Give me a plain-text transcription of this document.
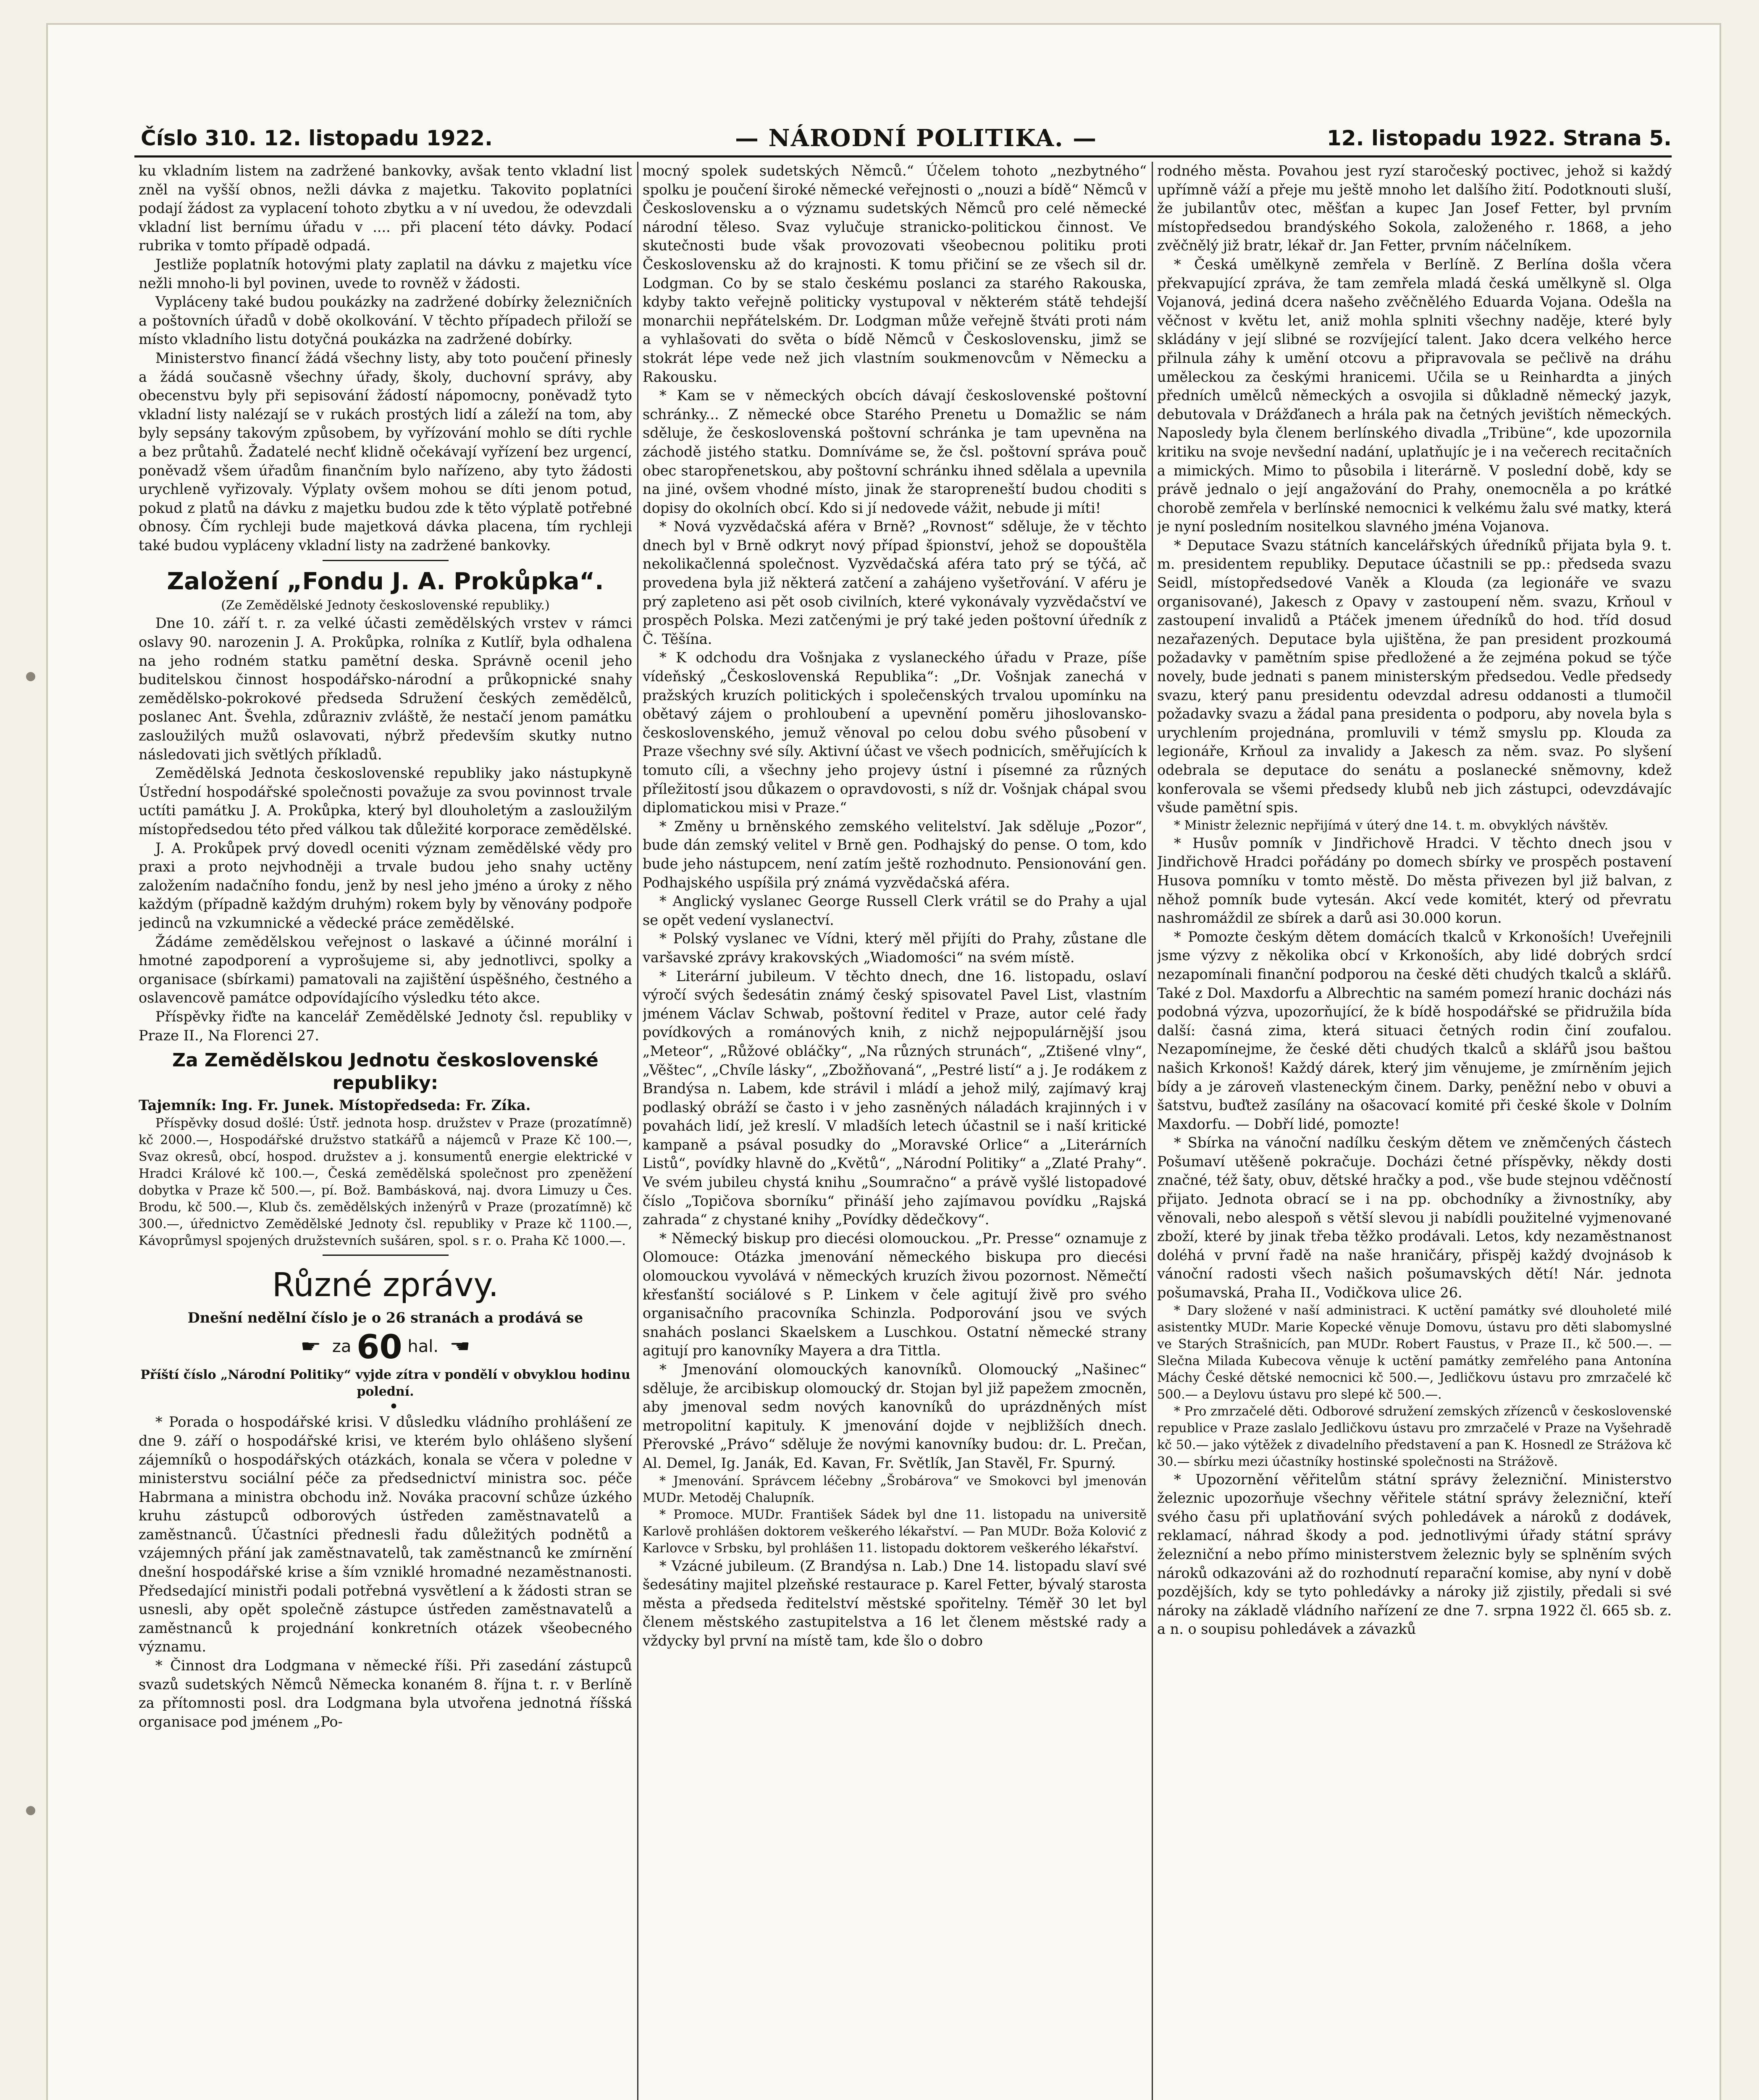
Číslo 310. 12. listopadu 1922.	— NÁRODNÍ POLITIKA. —	12. listopadu 1922. Strana 5.

ku vkladním listem na zadržené bankovky, avšak tento vkladní list zněl na vyšší obnos, nežli dávka z majetku. Takovito poplatníci podají žádost za vyplacení tohoto zbytku a v ní uvedou, že odevzdali vkladní list bernímu úřadu v .... při placení této dávky. Podací rubrika v tomto případě odpadá.

Jestliže poplatník hotovými platy zaplatil na dávku z majetku více nežli mnoho-li byl povinen, uvede to rovněž v žádosti.

Vypláceny také budou poukázky na zadržené dobírky železničních a poštovních úřadů v době okolkování. V těchto případech přiloží se místo vkladního listu dotyčná poukázka na zadržené dobírky.

Ministerstvo financí žádá všechny listy, aby toto poučení přinesly a žádá současně všechny úřady, školy, duchovní správy, aby obecenstvu byly při sepisování žádostí nápomocny, poněvadž tyto vkladní listy nalézají se v rukách prostých lidí a záleží na tom, aby byly sepsány takovým způsobem, by vyřízování mohlo se díti rychle a bez průtahů. Žadatelé nechť klidně očekávají vyřízení bez urgencí, poněvadž všem úřadům finančním bylo nařízeno, aby tyto žádosti urychleně vyřizovaly. Výplaty ovšem mohou se díti jenom potud, pokud z platů na dávku z majetku budou zde k těto výplatě potřebné obnosy. Čím rychleji bude majetková dávka placena, tím rychleji také budou vypláceny vkladní listy na zadržené bankovky.

Založení „Fondu J. A. Prokůpka“.

(Ze Zemědělské Jednoty československé republiky.)

Dne 10. září t. r. za velké účasti zemědělských vrstev v rámci oslavy 90. narozenin J. A. Prokůpka, rolníka z Kutlíř, byla odhalena na jeho rodném statku pamětní deska. Správně ocenil jeho buditelskou činnost hospodářsko-národní a průkopnické snahy zemědělsko-pokrokové předseda Sdružení českých zemědělců, poslanec Ant. Švehla, zdůrazniv zvláště, že nestačí jenom památku zasloužilých mužů oslavovati, nýbrž především skutky nutno následovati jich světlých příkladů.

Zemědělská Jednota československé republiky jako nástupkyně Ústřední hospodářské společnosti považuje za svou povinnost trvale uctíti památku J. A. Prokůpka, který byl dlouholetým a zasloužilým místopředsedou této před válkou tak důležité korporace zemědělské.

J. A. Prokůpek prvý dovedl oceniti význam zemědělské vědy pro praxi a proto nejvhodněji a trvale budou jeho snahy uctěny založením nadačního fondu, jenž by nesl jeho jméno a úroky z něho každým (případně každým druhým) rokem byly by věnovány podpoře jedinců na vzkumnické a vědecké práce zemědělské.

Žádáme zemědělskou veřejnost o laskavé a účinné morální i hmotné zapodporení a vyprošujeme si, aby jednotlivci, spolky a organisace (sbírkami) pamatovali na zajištění úspěšného, čestného a oslavencově památce odpovídajícího výsledku této akce.

Příspěvky řiďte na kancelář Zemědělské Jednoty čsl. republiky v Praze II., Na Florenci 27.

Za Zemědělskou Jednotu československé republiky:

Tajemník: Ing. Fr. Junek. Místopředseda: Fr. Zíka.

Příspěvky dosud došlé: Ústř. jednota hosp. družstev v Praze (prozatímně) kč 2000.—, Hospodářské družstvo statkářů a nájemců v Praze Kč 100.—, Svaz okresů, obcí, hospod. družstev a j. konsumentů energie elektrické v Hradci Králové kč 100.—, Česká zemědělská společnost pro zpeněžení dobytka v Praze kč 500.—, pí. Bož. Bambásková, naj. dvora Limuzy u Čes. Brodu, kč 500.—, Klub čs. zemědělských inženýrů v Praze (prozatímně) kč 300.—, úřednictvo Zemědělské Jednoty čsl. republiky v Praze kč 1100.—, Kávoprůmysl spojených družstevních sušáren, spol. s r. o. Praha Kč 1000.—.

Různé zprávy.

Dnešní nedělní číslo je o 26 stranách a prodává se

☛ za 60 hal. ☚

Příští číslo „Národní Politiky“ vyjde zítra v pondělí v obvyklou hodinu polední.

•

* Porada o hospodářské krisi. V důsledku vládního prohlášení ze dne 9. září o hospodářské krisi, ve kterém bylo ohlášeno slyšení zájemníků o hospodářských otázkách, konala se včera v poledne v ministerstvu sociální péče za předsednictví ministra soc. péče Habrmana a ministra obchodu inž. Nováka pracovní schůze úzkého kruhu zástupců odborových ústředen zaměstnavatelů a zaměstnanců. Účastníci přednesli řadu důležitých podnětů a vzájemných přání jak zaměstnavatelů, tak zaměstnanců ke zmírnění dnešní hospodářské krise a ším vzniklé hromadné nezaměstnanosti. Předsedající ministři podali potřebná vysvětlení a k žádosti stran se usnesli, aby opět společně zástupce ústředen zaměstnavatelů a zaměstnanců k projednání konkretních otázek všeobecného významu.

* Činnost dra Lodgmana v německé říši. Při zasedání zástupců svazů sudetských Němců Německa konaném 8. října t. r. v Berlíně za přítomnosti posl. dra Lodgmana byla utvořena jednotná říšská organisace pod jménem „Po-

mocný spolek sudetských Němců.“ Účelem tohoto „nezbytného“ spolku je poučení široké německé veřejnosti o „nouzi a bídě“ Němců v Československu a o významu sudetských Němců pro celé německé národní těleso. Svaz vylučuje stranicko-politickou činnost. Ve skutečnosti bude však provozovati všeobecnou politiku proti Československu až do krajnosti. K tomu přičiní se ze všech sil dr. Lodgman. Co by se stalo českému poslanci za starého Rakouska, kdyby takto veřejně politicky vystupoval v některém státě tehdejší monarchii nepřátelském. Dr. Lodgman může veřejně štváti proti nám a vyhlašovati do světa o bídě Němců v Československu, jimž se stokrát lépe vede než jich vlastním soukmenovcům v Německu a Rakousku.

* Kam se v německých obcích dávají československé poštovní schránky... Z německé obce Starého Prenetu u Domažlic se nám sděluje, že československá poštovní schránka je tam upevněna na záchodě jistého statku. Domníváme se, že čsl. poštovní správa pouč obec staropřenetskou, aby poštovní schránku ihned sdělala a upevnila na jiné, ovšem vhodné místo, jinak že staropreneští budou choditi s dopisy do okolních obcí. Kdo si jí nedovede vážit, nebude ji míti!

* Nová vyzvědačská aféra v Brně? „Rovnost“ sděluje, že v těchto dnech byl v Brně odkryt nový případ špionství, jehož se dopouštěla nekolikačlenná společnost. Vyzvědačská aféra tato prý se týčá, ač provedena byla již některá zatčení a zahájeno vyšetřování. V aféru je prý zapleteno asi pět osob civilních, které vykonávaly vyzvědačství ve prospěch Polska. Mezi zatčenými je prý také jeden poštovní úředník z Č. Těšína.

* K odchodu dra Vošnjaka z vyslaneckého úřadu v Praze, píše vídeňský „Československá Republika“: „Dr. Vošnjak zanechá v pražských kruzích politických i společenských trvalou upomínku na obětavý zájem o prohloubení a upevnění poměru jihoslovansko-československého, jemuž věnoval po celou dobu svého působení v Praze všechny své síly. Aktivní účast ve všech podnicích, směřujících k tomuto cíli, a všechny jeho projevy ústní i písemné za různých příležitostí jsou důkazem o opravdovosti, s níž dr. Vošnjak chápal svou diplomatickou misi v Praze.“

* Změny u brněnského zemského velitelství. Jak sděluje „Pozor“, bude dán zemský velitel v Brně gen. Podhajský do pense. O tom, kdo bude jeho nástupcem, není zatím ještě rozhodnuto. Pensionování gen. Podhajského uspíšila prý známá vyzvědačská aféra.

* Anglický vyslanec George Russell Clerk vrátil se do Prahy a ujal se opět vedení vyslanectví.

* Polský vyslanec ve Vídni, který měl přijíti do Prahy, zůstane dle varšavské zprávy krakovských „Wiadomości“ na svém místě.

* Literární jubileum. V těchto dnech, dne 16. listopadu, oslaví výročí svých šedesátin známý český spisovatel Pavel List, vlastním jménem Václav Schwab, poštovní ředitel v Praze, autor celé řady povídkových a románových knih, z nichž nejpopulárnější jsou „Meteor“, „Růžové obláčky“, „Na různých strunách“, „Ztišené vlny“, „Věštec“, „Chvíle lásky“, „Zbožňovaná“, „Pestré listí“ a j. Je rodákem z Brandýsa n. Labem, kde strávil i mládí a jehož milý, zajímavý kraj podlaský obráží se často i v jeho zasněných náladách krajinných i v povahách lidí, jež kreslí. V mladších letech účastnil se i naší kritické kampaně a psával posudky do „Moravské Orlice“ a „Literárních Listů“, povídky hlavně do „Květů“, „Národní Politiky“ a „Zlaté Prahy“. Ve svém jubileu chystá knihu „Soumračno“ a právě vyšlé listopadové číslo „Topičova sborníku“ přináší jeho zajímavou povídku „Rajská zahrada“ z chystané knihy „Povídky dědečkovy“.

* Německý biskup pro diecési olomouckou. „Pr. Presse“ oznamuje z Olomouce: Otázka jmenování německého biskupa pro diecési olomouckou vyvolává v německých kruzích živou pozornost. Němečtí křesťanští sociálové s P. Linkem v čele agitují živě pro svého organisačního pracovníka Schinzla. Podporování jsou ve svých snahách poslanci Skaelskem a Luschkou. Ostatní německé strany agitují pro kanovníky Mayera a dra Tittla.

* Jmenování olomouckých kanovníků. Olomoucký „Našinec“ sděluje, že arcibiskup olomoucký dr. Stojan byl již papežem zmocněn, aby jmenoval sedm nových kanovníků do uprázdněných míst metropolitní kapituly. K jmenování dojde v nejbližších dnech. Přerovské „Právo“ sděluje že novými kanovníky budou: dr. L. Prečan, Al. Demel, Ig. Janák, Ed. Kavan, Fr. Světlík, Jan Stavěl, Fr. Spurný.

* Jmenování. Správcem léčebny „Šrobárova“ ve Smokovci byl jmenován MUDr. Metoděj Chalupník.

* Promoce. MUDr. František Sádek byl dne 11. listopadu na universitě Karlově prohlášen doktorem veškerého lékařství. — Pan MUDr. Boža Kolović z Karlovce v Srbsku, byl prohlášen 11. listopadu doktorem veškerého lékařství.

* Vzácné jubileum. (Z Brandýsa n. Lab.) Dne 14. listopadu slaví své šedesátiny majitel plzeňské restaurace p. Karel Fetter, bývalý starosta města a předseda ředitelství městské spořitelny. Téměř 30 let byl členem městského zastupitelstva a 16 let členem městské rady a vždycky byl první na místě tam, kde šlo o dobro

rodného města. Povahou jest ryzí staročeský poctivec, jehož si každý upřímně váží a přeje mu ještě mnoho let dalšího žití. Podotknouti sluší, že jubilantův otec, měšťan a kupec Jan Josef Fetter, byl prvním místopředsedou brandýského Sokola, založeného r. 1868, a jeho zvěčnělý již bratr, lékař dr. Jan Fetter, prvním náčelníkem.

* Česká umělkyně zemřela v Berlíně. Z Berlína došla včera překvapující zpráva, že tam zemřela mladá česká umělkyně sl. Olga Vojanová, jediná dcera našeho zvěčnělého Eduarda Vojana. Odešla na věčnost v květu let, aniž mohla splniti všechny naděje, které byly skládány v její slibné se rozvíjející talent. Jako dcera velkého herce přilnula záhy k umění otcovu a připravovala se pečlivě na dráhu uměleckou za českými hranicemi. Učila se u Reinhardta a jiných předních umělců německých a osvojila si důkladně německý jazyk, debutovala v Drážďanech a hrála pak na četných jevištích německých. Naposledy byla členem berlínského divadla „Tribüne“, kde upozornila kritiku na svoje nevšední nadání, uplatňujíc je i na večerech recitačních a mimických. Mimo to působila i literárně. V poslední době, kdy se právě jednalo o její angažování do Prahy, onemocněla a po krátké chorobě zemřela v berlínské nemocnici k velkému žalu své matky, která je nyní posledním nositelkou slavného jména Vojanova.

* Deputace Svazu státních kancelářských úředníků přijata byla 9. t. m. presidentem republiky. Deputace účastnili se pp.: předseda svazu Seidl, místopředsedové Vaněk a Klouda (za legionáře ve svazu organisované), Jakesch z Opavy v zastoupení něm. svazu, Krňoul v zastoupení invalidů a Ptáček jmenem úředníků do hod. tříd dosud nezařazených. Deputace byla ujištěna, že pan president prozkoumá požadavky v pamětním spise předložené a že zejména pokud se týče novely, bude jednati s panem ministerským předsedou. Vedle předsedy svazu, který panu presidentu odevzdal adresu oddanosti a tlumočil požadavky svazu a žádal pana presidenta o podporu, aby novela byla s urychlením projednána, promluvili v témž smyslu pp. Klouda za legionáře, Krňoul za invalidy a Jakesch za něm. svaz. Po slyšení odebrala se deputace do senátu a poslanecké sněmovny, kdež konferovala se všemi předsedy klubů neb jich zástupci, odevzdávajíc všude pamětní spis.

* Ministr železnic nepřijímá v úterý dne 14. t. m. obvyklých návštěv.

* Husův pomník v Jindřichově Hradci. V těchto dnech jsou v Jindřichově Hradci pořádány po domech sbírky ve prospěch postavení Husova pomníku v tomto městě. Do města přivezen byl již balvan, z něhož pomník bude vytesán. Akcí vede komitét, který od převratu nashromáždil ze sbírek a darů asi 30.000 korun.

* Pomozte českým dětem domácích tkalců v Krkonoších! Uveřejnili jsme výzvy z několika obcí v Krkonoších, aby lidé dobrých srdcí nezapomínali finanční podporou na české děti chudých tkalců a sklářů. Také z Dol. Maxdorfu a Albrechtic na samém pomezí hranic docházi nás podobná výzva, upozorňující, že k bídě hospodářské se přidružila bída další: časná zima, která situaci četných rodin činí zoufalou. Nezapomínejme, že české děti chudých tkalců a sklářů jsou baštou našich Krkonoš! Každý dárek, který jim věnujeme, je zmírněním jejich bídy a je zároveň vlasteneckým činem. Darky, peněžní nebo v obuvi a šatstvu, buďtež zasílány na ošacovací komité při české škole v Dolním Maxdorfu. — Dobří lidé, pomozte!

* Sbírka na vánoční nadílku českým dětem ve zněmčených částech Pošumaví utěšeně pokračuje. Docházi četné příspěvky, někdy dosti značné, též šaty, obuv, dětské hračky a pod., vše bude stejnou vděčností přijato. Jednota obrací se i na pp. obchodníky a živnostníky, aby věnovali, nebo alespoň s větší slevou ji nabídli použitelné vyjmenované zboží, které by jinak třeba těžko prodávali. Letos, kdy nezaměstnanost doléhá v první řadě na naše hraničáry, přispěj každý dvojnásob k vánoční radosti všech našich pošumavských dětí! Nár. jednota pošumavská, Praha II., Vodičkova ulice 26.

* Dary složené v naší administraci. K uctění památky své dlouholeté milé asistentky MUDr. Marie Kopecké věnuje Domovu, ústavu pro děti slabomyslné ve Starých Strašnicích, pan MUDr. Robert Faustus, v Praze II., kč 500.—. — Slečna Milada Kubecova věnuje k uctění památky zemřelého pana Antonína Máchy České dětské nemocnici kč 500.—, Jedličkovu ústavu pro zmrzačelé kč 500.— a Deylovu ústavu pro slepé kč 500.—.

* Pro zmrzačelé děti. Odborové sdružení zemských zřízenců v československé republice v Praze zaslalo Jedličkovu ústavu pro zmrzačelé v Praze na Vyšehradě kč 50.— jako výtěžek z divadelního představení a pan K. Hosnedl ze Strážova kč 30.— sbírku mezi účastníky hostinské společnosti na Strážově.

* Upozornění věřitelům státní správy železniční. Ministerstvo železnic upozorňuje všechny věřitele státní správy železniční, kteří svého času při uplatňování svých pohledávek a nároků z dodávek, reklamací, náhrad škody a pod. jednotlivými úřady státní správy železniční a nebo přímo ministerstvem železnic byly se splněním svých nároků odkazováni až do rozhodnutí reparační komise, aby nyní v době pozdějších, kdy se tyto pohledávky a nároky již zjistily, předali si své nároky na základě vládního nařízení ze dne 7. srpna 1922 čl. 665 sb. z. a n. o soupisu pohledávek a závazků
